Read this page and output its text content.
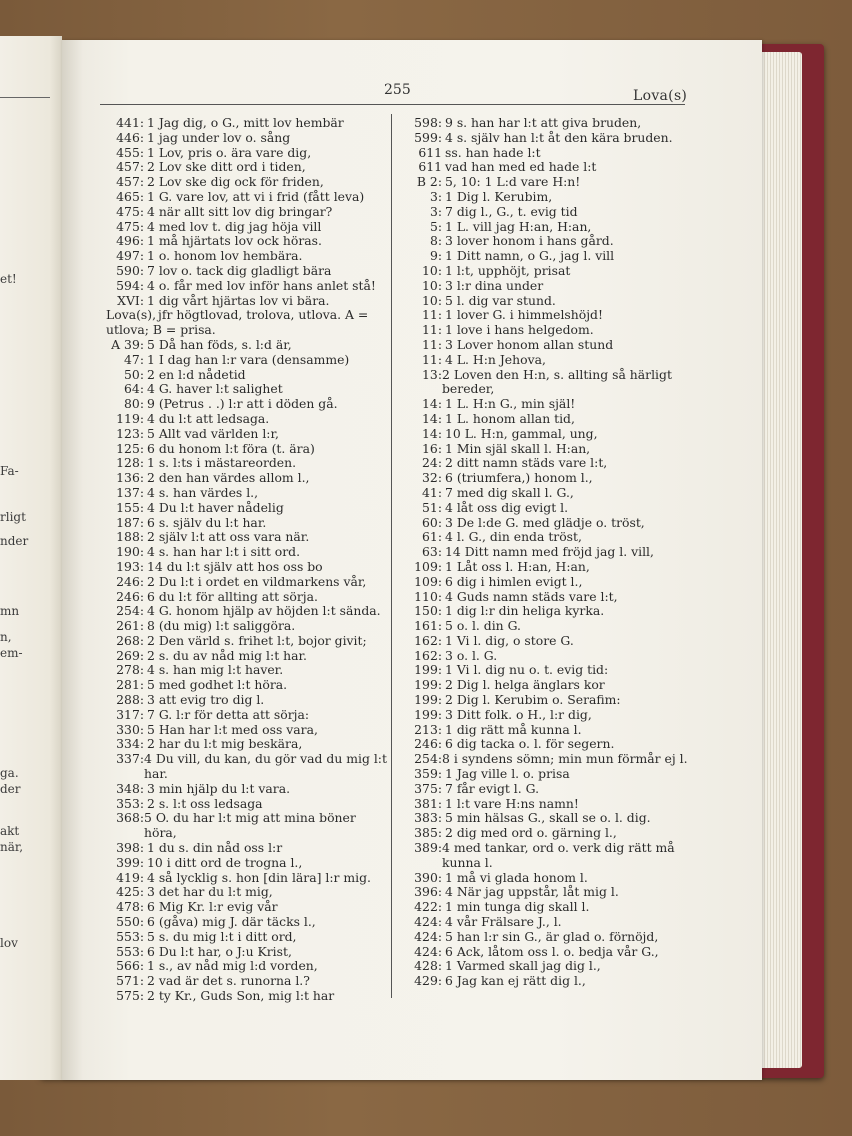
et!
Fa-
rligt
nder
mn
n,
em-
ga.
der
akt
när,
lov
255	Lova(s)
441: 1 Jag dig, o G., mitt lov hembär
446: 1 jag under lov o. sång
455: 1 Lov, pris o. ära vare dig,
457: 2 Lov ske ditt ord i tiden,
457: 2 Lov ske dig ock för friden,
465: 1 G. vare lov, att vi i frid (fått leva)
475: 4 när allt sitt lov dig bringar?
475: 4 med lov t. dig jag höja vill
496: 1 må hjärtats lov ock höras.
497: 1 o. honom lov hembära.
590: 7 lov o. tack dig gladligt bära
594: 4 o. får med lov inför hans anlet stå!
XVI: 1 dig vårt hjärtas lov vi bära.
Lova(s), jfr högtlovad, trolova, utlova. A = utlova; B = prisa.
A 39: 5 Då han föds, s. l:d är,
47: 1 I dag han l:r vara (densamme)
50: 2 en l:d nådetid
64: 4 G. haver l:t salighet
80: 9 (Petrus . .) l:r att i döden gå.
119: 4 du l:t att ledsaga.
123: 5 Allt vad världen l:r,
125: 6 du honom l:t föra (t. ära)
128: 1 s. l:ts i mästareorden.
136: 2 den han värdes allom l.,
137: 4 s. han värdes l.,
155: 4 Du l:t haver nådelig
187: 6 s. själv du l:t har.
188: 2 själv l:t att oss vara när.
190: 4 s. han har l:t i sitt ord.
193: 14 du l:t själv att hos oss bo
246: 2 Du l:t i ordet en vildmarkens vår,
246: 6 du l:t för allting att sörja.
254: 4 G. honom hjälp av höjden l:t sända.
261: 8 (du mig) l:t saliggöra.
268: 2 Den värld s. frihet l:t, bojor givit;
269: 2 s. du av nåd mig l:t har.
278: 4 s. han mig l:t haver.
281: 5 med godhet l:t höra.
288: 3 att evig tro dig l.
317: 7 G. l:r för detta att sörja:
330: 5 Han har l:t med oss vara,
334: 2 har du l:t mig beskära,
337: 4 Du vill, du kan, du gör vad du mig l:t har.
348: 3 min hjälp du l:t vara.
353: 2 s. l:t oss ledsaga
368: 5 O. du har l:t mig att mina böner höra,
398: 1 du s. din nåd oss l:r
399: 10 i ditt ord de trogna l.,
419: 4 så lycklig s. hon [din lära] l:r mig.
425: 3 det har du l:t mig,
478: 6 Mig Kr. l:r evig vår
550: 6 (gåva) mig J. där täcks l.,
553: 5 s. du mig l:t i ditt ord,
553: 6 Du l:t har, o J:u Krist,
566: 1 s., av nåd mig l:d vorden,
571: 2 vad är det s. runorna l.?
575: 2 ty Kr., Guds Son, mig l:t har
598: 9 s. han har l:t att giva bruden,
599: 4 s. själv han l:t åt den kära bruden.
611 ss. han hade l:t
611 vad han med ed hade l:t
B 2: 5, 10: 1 L:d vare H:n!
3: 1 Dig l. Kerubim,
3: 7 dig l., G., t. evig tid
5: 1 L. vill jag H:an, H:an,
8: 3 lover honom i hans gård.
9: 1 Ditt namn, o G., jag l. vill
10: 1 l:t, upphöjt, prisat
10: 3 l:r dina under
10: 5 l. dig var stund.
11: 1 lover G. i himmelshöjd!
11: 1 love i hans helgedom.
11: 3 Lover honom allan stund
11: 4 L. H:n Jehova,
13: 2 Loven den H:n, s. allting så härligt bereder,
14: 1 L. H:n G., min själ!
14: 1 L. honom allan tid,
14: 10 L. H:n, gammal, ung,
16: 1 Min själ skall l. H:an,
24: 2 ditt namn städs vare l:t,
32: 6 (triumfera,) honom l.,
41: 7 med dig skall l. G.,
51: 4 låt oss dig evigt l.
60: 3 De l:de G. med glädje o. tröst,
61: 4 l. G., din enda tröst,
63: 14 Ditt namn med fröjd jag l. vill,
109: 1 Låt oss l. H:an, H:an,
109: 6 dig i himlen evigt l.,
110: 4 Guds namn städs vare l:t,
150: 1 dig l:r din heliga kyrka.
161: 5 o. l. din G.
162: 1 Vi l. dig, o store G.
162: 3 o. l. G.
199: 1 Vi l. dig nu o. t. evig tid:
199: 2 Dig l. helga änglars kor
199: 2 Dig l. Kerubim o. Serafim:
199: 3 Ditt folk. o H., l:r dig,
213: 1 dig rätt må kunna l.
246: 6 dig tacka o. l. för segern.
254: 8 i syndens sömn; min mun förmår ej l.
359: 1 Jag ville l. o. prisa
375: 7 får evigt l. G.
381: 1 l:t vare H:ns namn!
383: 5 min hälsas G., skall se o. l. dig.
385: 2 dig med ord o. gärning l.,
389: 4 med tankar, ord o. verk dig rätt må kunna l.
390: 1 må vi glada honom l.
396: 4 När jag uppstår, låt mig l.
422: 1 min tunga dig skall l.
424: 4 vår Frälsare J., l.
424: 5 han l:r sin G., är glad o. förnöjd,
424: 6 Ack, låtom oss l. o. bedja vår G.,
428: 1 Varmed skall jag dig l.,
429: 6 Jag kan ej rätt dig l.,
